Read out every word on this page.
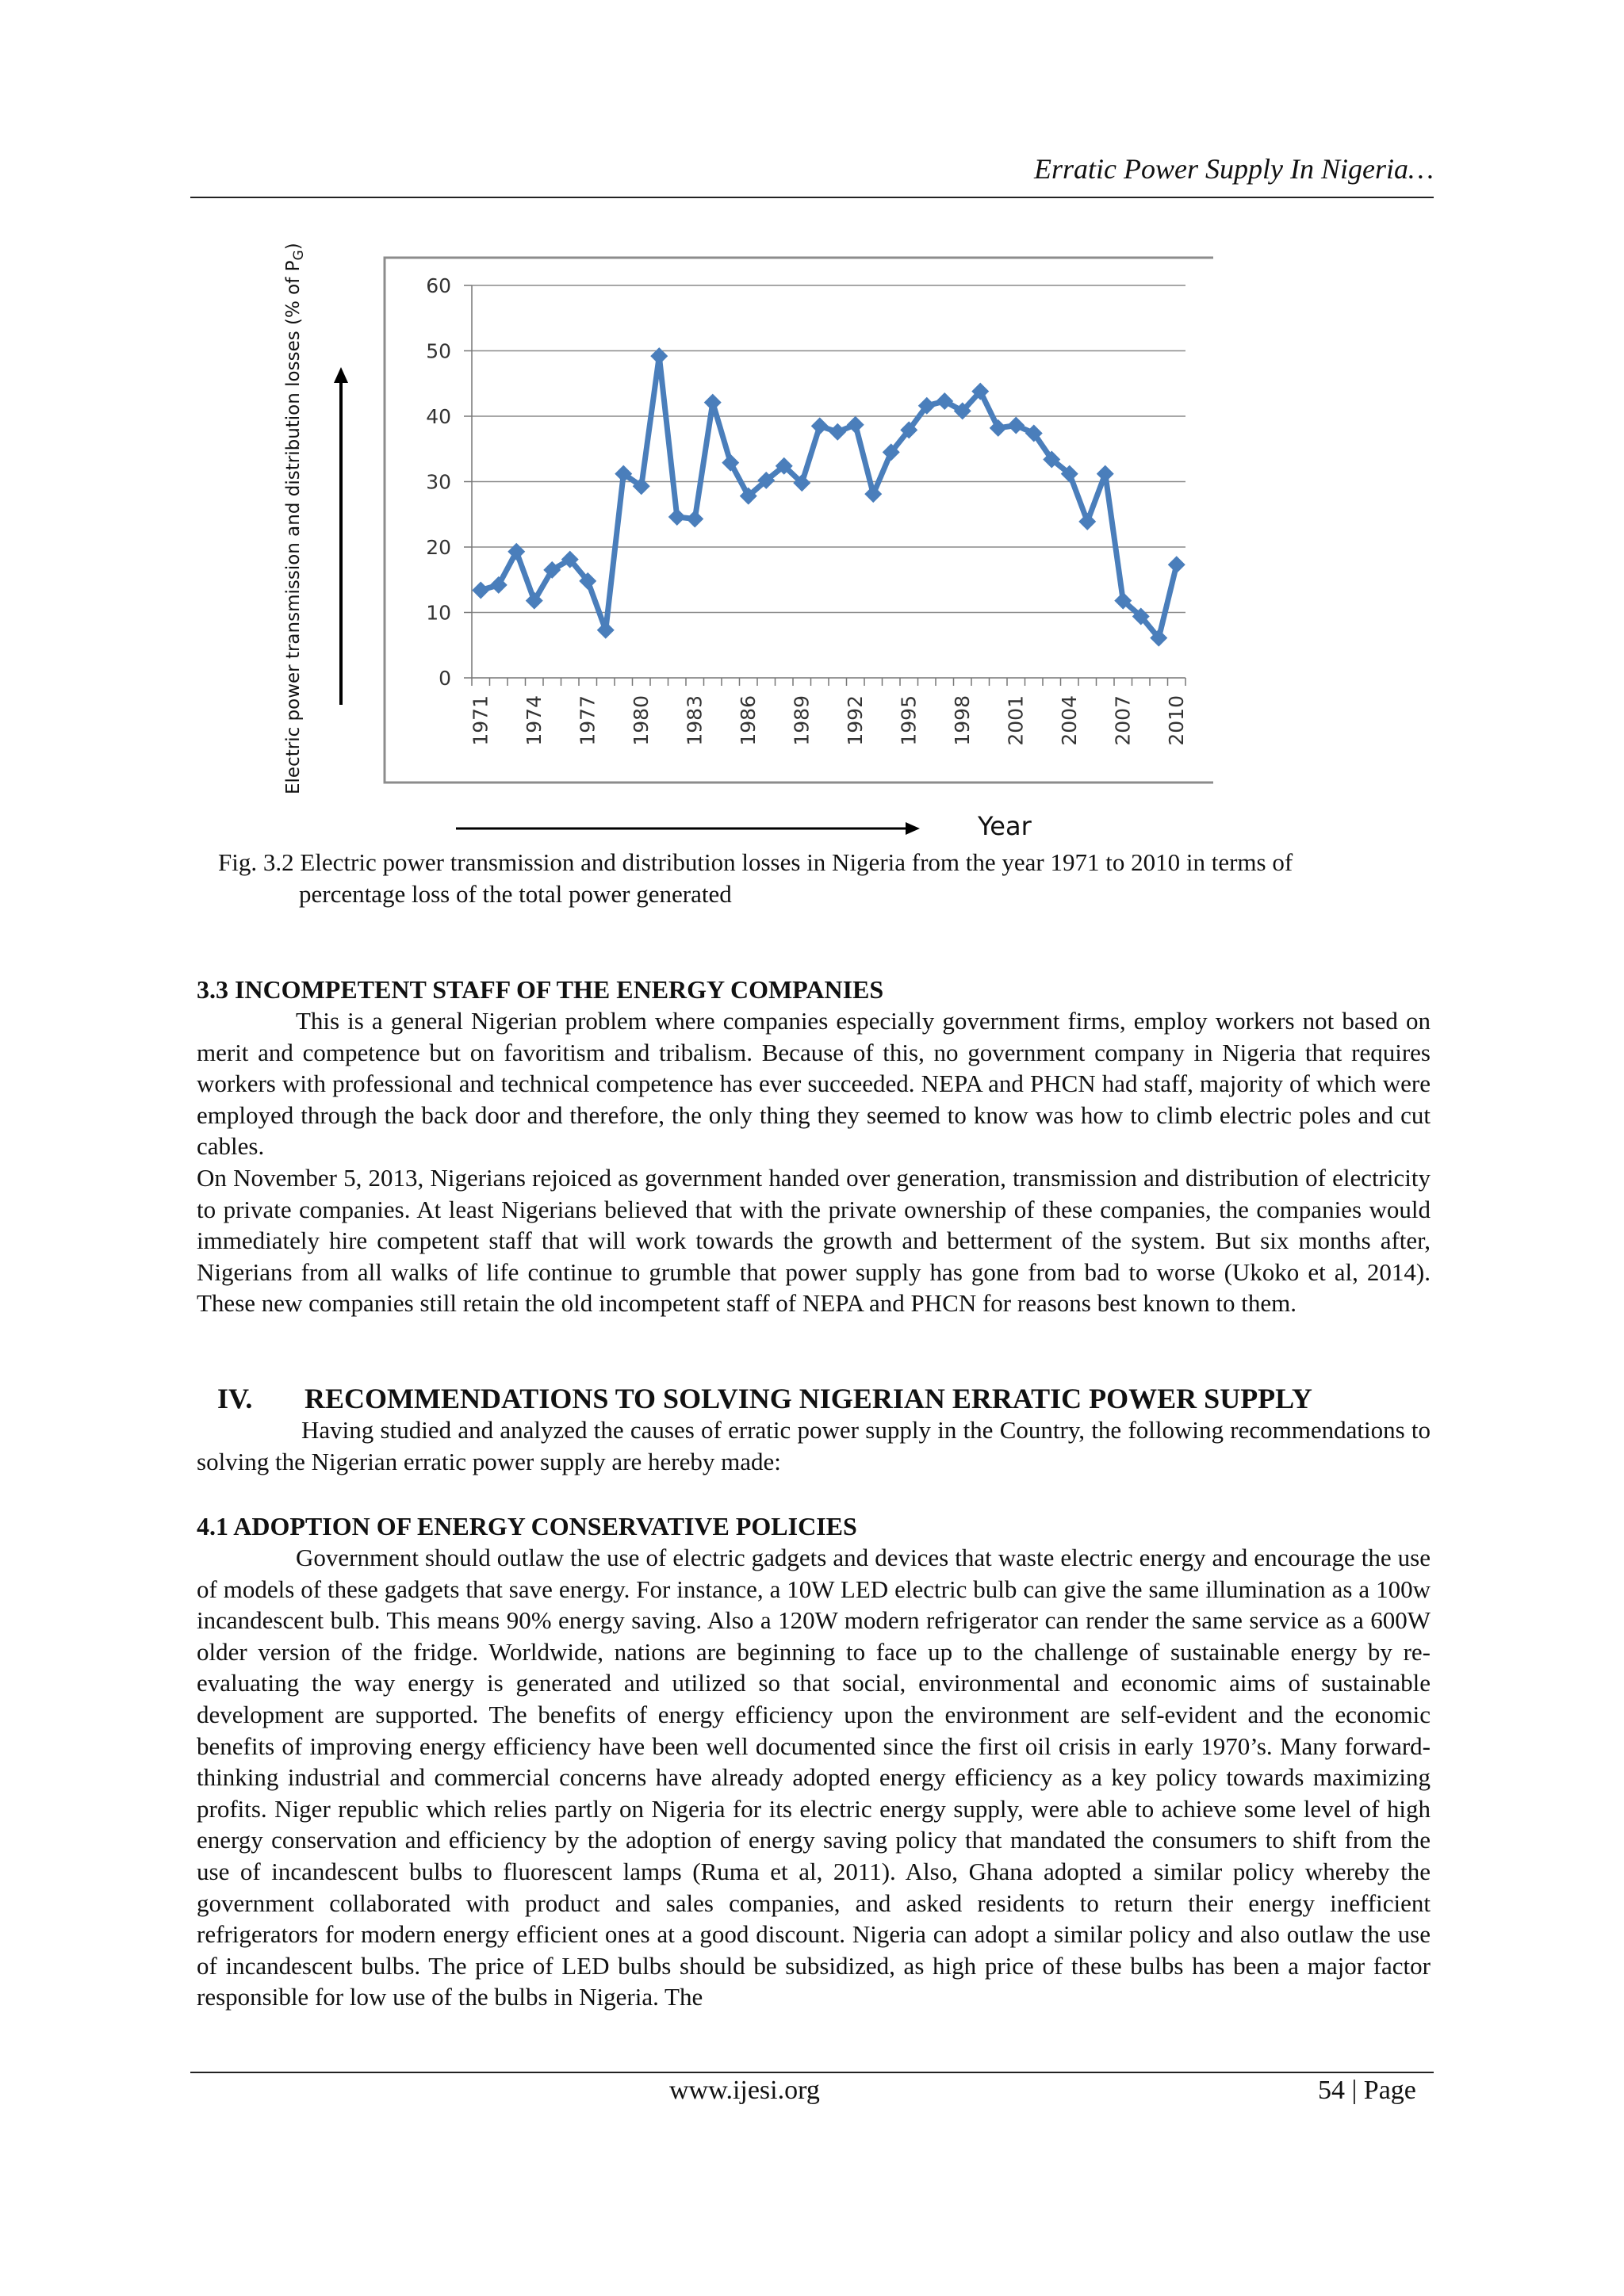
Erratic Power Supply In Nigeria…
Electric power transmission and distribution losses (% of $P_G$)
0
10
20
30
40
50
60
1971 1974 1977 1980 1983 1986 1989 1992 1995 1998 2001 2004 2007 2010
Year
Fig. 3.2 Electric power transmission and distribution losses in Nigeria from the year 1971 to 2010 in terms of
percentage loss of the total power generated

3.3 INCOMPETENT STAFF OF THE ENERGY COMPANIES

This is a general Nigerian problem where companies especially government firms, employ workers not based on merit and competence but on favoritism and tribalism. Because of this, no government company in Nigeria that requires workers with professional and technical competence has ever succeeded. NEPA and PHCN had staff, majority of which were employed through the back door and therefore, the only thing they seemed to know was how to climb electric poles and cut cables.

On November 5, 2013, Nigerians rejoiced as government handed over generation, transmission and distribution of electricity to private companies. At least Nigerians believed that with the private ownership of these companies, the companies would immediately hire competent staff that will work towards the growth and betterment of the system. But six months after, Nigerians from all walks of life continue to grumble that power supply has gone from bad to worse (Ukoko et al, 2014). These new companies still retain the old incompetent staff of NEPA and PHCN for reasons best known to them.

IV. RECOMMENDATIONS TO SOLVING NIGERIAN ERRATIC POWER SUPPLY

Having studied and analyzed the causes of erratic power supply in the Country, the following recommendations to solving the Nigerian erratic power supply are hereby made:

4.1 ADOPTION OF ENERGY CONSERVATIVE POLICIES

Government should outlaw the use of electric gadgets and devices that waste electric energy and encourage the use of models of these gadgets that save energy. For instance, a 10W LED electric bulb can give the same illumination as a 100w incandescent bulb. This means 90% energy saving. Also a 120W modern refrigerator can render the same service as a 600W older version of the fridge. Worldwide, nations are beginning to face up to the challenge of sustainable energy by re-evaluating the way energy is generated and utilized so that social, environmental and economic aims of sustainable development are supported. The benefits of energy efficiency upon the environment are self-evident and the economic benefits of improving energy efficiency have been well documented since the first oil crisis in early 1970’s. Many forward-thinking industrial and commercial concerns have already adopted energy efficiency as a key policy towards maximizing profits. Niger republic which relies partly on Nigeria for its electric energy supply, were able to achieve some level of high energy conservation and efficiency by the adoption of energy saving policy that mandated the consumers to shift from the use of incandescent bulbs to fluorescent lamps (Ruma et al, 2011). Also, Ghana adopted a similar policy whereby the government collaborated with product and sales companies, and asked residents to return their energy inefficient refrigerators for modern energy efficient ones at a good discount. Nigeria can adopt a similar policy and also outlaw the use of incandescent bulbs. The price of LED bulbs should be subsidized, as high price of these bulbs has been a major factor responsible for low use of the bulbs in Nigeria. The

www.ijesi.org	54 | Page
